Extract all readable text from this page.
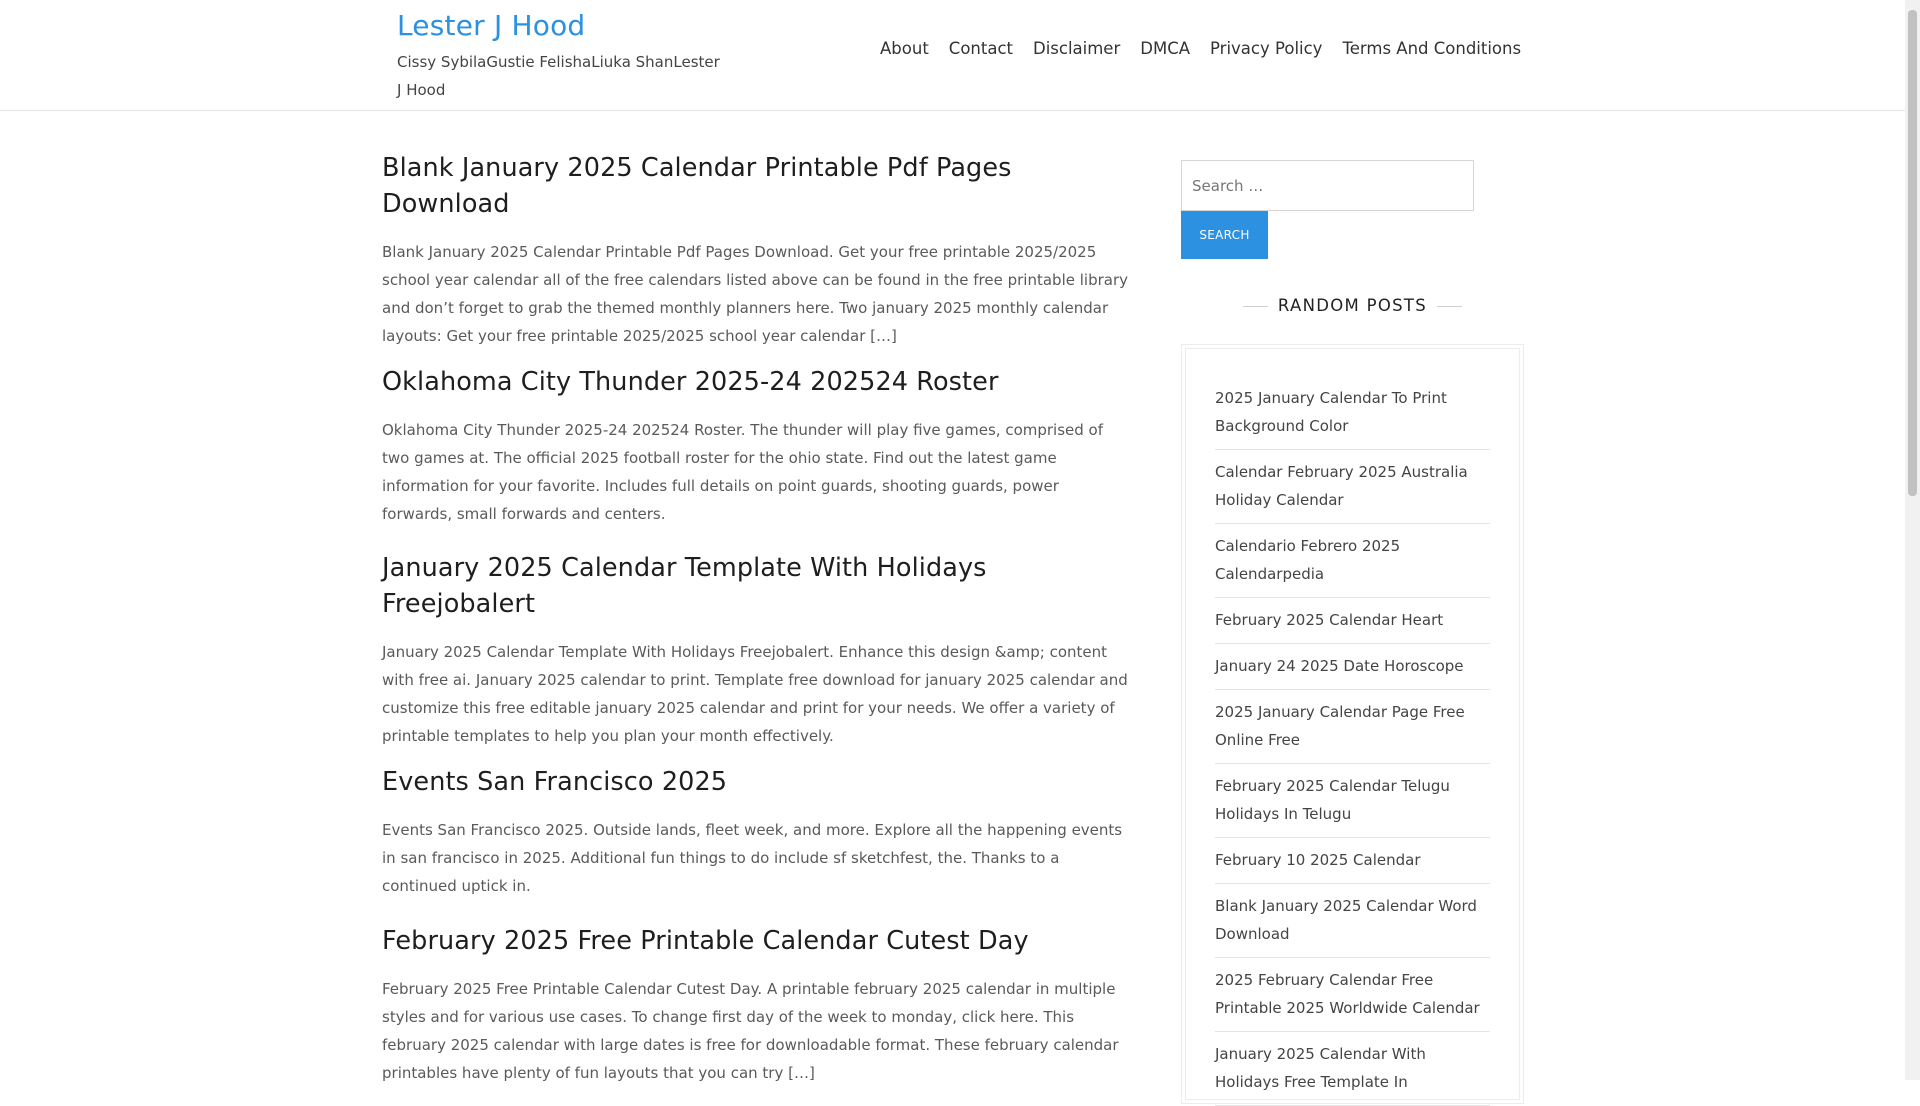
Lester J Hood

Cissy SybilaGustie FelishaLiuka ShanLester J Hood

About	Contact	Disclaimer	DMCA	Privacy Policy	Terms And Conditions
Blank January 2025 Calendar Printable Pdf Pages Download

Blank January 2025 Calendar Printable Pdf Pages Download. Get your free printable 2025/2025 school year calendar all of the free calendars listed above can be found in the free printable library and don’t forget to grab the themed monthly planners here. Two january 2025 monthly calendar layouts: Get your free printable 2025/2025 school year calendar […]

Oklahoma City Thunder 2025-24 202524 Roster

Oklahoma City Thunder 2025-24 202524 Roster. The thunder will play five games, comprised of two games at. The official 2025 football roster for the ohio state. Find out the latest game information for your favorite. Includes full details on point guards, shooting guards, power forwards, small forwards and centers.

January 2025 Calendar Template With Holidays Freejobalert

January 2025 Calendar Template With Holidays Freejobalert. Enhance this design &amp; content with free ai. January 2025 calendar to print. Template free download for january 2025 calendar and customize this free editable january 2025 calendar and print for your needs. We offer a variety of printable templates to help you plan your month effectively.

Events San Francisco 2025

Events San Francisco 2025. Outside lands, fleet week, and more. Explore all the happening events in san francisco in 2025. Additional fun things to do include sf sketchfest, the. Thanks to a continued uptick in.

February 2025 Free Printable Calendar Cutest Day

February 2025 Free Printable Calendar Cutest Day. A printable february 2025 calendar in multiple styles and for various use cases. To change first day of the week to monday, click here. This february 2025 calendar with large dates is free for downloadable format. These february calendar printables have plenty of fun layouts that you can try […]

Search …
SEARCH
RANDOM POSTS
2025 January Calendar To Print Background Color
Calendar February 2025 Australia Holiday Calendar
Calendario Febrero 2025 Calendarpedia
February 2025 Calendar Heart
January 24 2025 Date Horoscope
2025 January Calendar Page Free Online Free
February 2025 Calendar Telugu Holidays In Telugu
February 10 2025 Calendar
Blank January 2025 Calendar Word Download
2025 February Calendar Free Printable 2025 Worldwide Calendar
January 2025 Calendar With Holidays Free Template In
